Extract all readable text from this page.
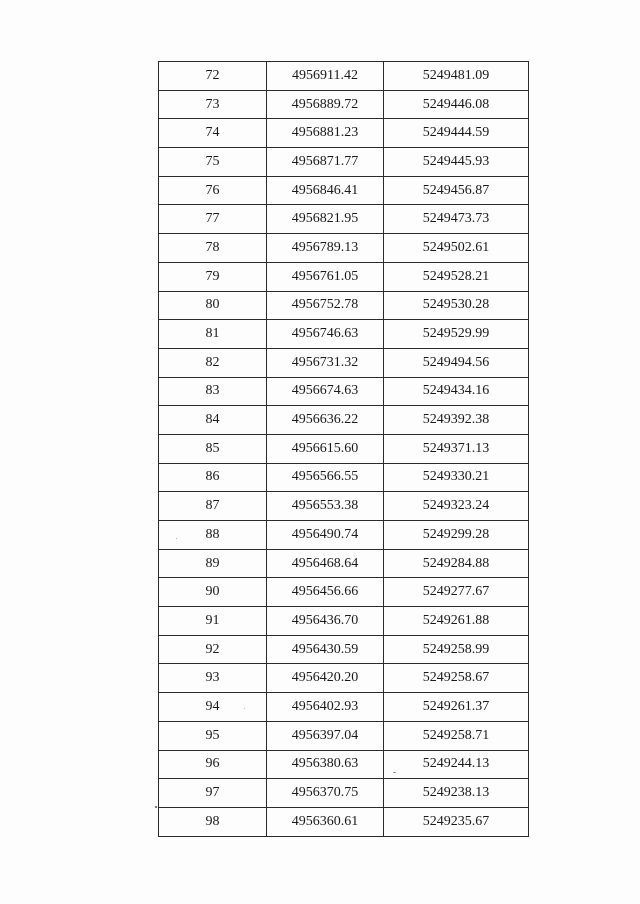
72	4956911.42	5249481.09
73	4956889.72	5249446.08
74	4956881.23	5249444.59
75	4956871.77	5249445.93
76	4956846.41	5249456.87
77	4956821.95	5249473.73
78	4956789.13	5249502.61
79	4956761.05	5249528.21
80	4956752.78	5249530.28
81	4956746.63	5249529.99
82	4956731.32	5249494.56
83	4956674.63	5249434.16
84	4956636.22	5249392.38
85	4956615.60	5249371.13
86	4956566.55	5249330.21
87	4956553.38	5249323.24
88	4956490.74	5249299.28
89	4956468.64	5249284.88
90	4956456.66	5249277.67
91	4956436.70	5249261.88
92	4956430.59	5249258.99
93	4956420.20	5249258.67
94	4956402.93	5249261.37
95	4956397.04	5249258.71
96	4956380.63	5249244.13
97	4956370.75	5249238.13
98	4956360.61	5249235.67
